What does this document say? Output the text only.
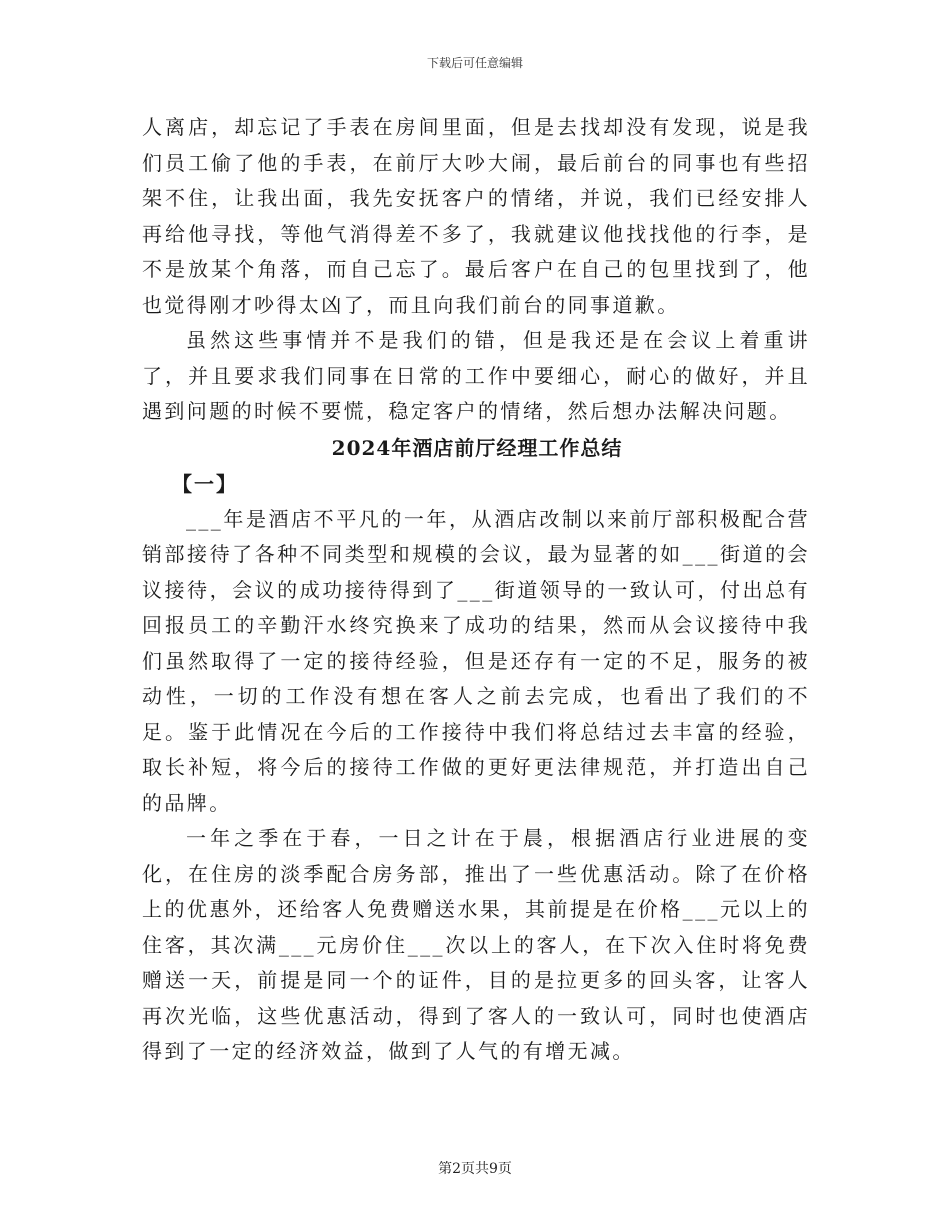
下载后可任意编辑

人离店，却忘记了手表在房间里面，但是去找却没有发现，说是我们员工偷了他的手表，在前厅大吵大闹，最后前台的同事也有些招架不住，让我出面，我先安抚客户的情绪，并说，我们已经安排人再给他寻找，等他气消得差不多了，我就建议他找找他的行李，是不是放某个角落，而自己忘了。最后客户在自己的包里找到了，他也觉得刚才吵得太凶了，而且向我们前台的同事道歉。

虽然这些事情并不是我们的错，但是我还是在会议上着重讲了，并且要求我们同事在日常的工作中要细心，耐心的做好，并且遇到问题的时候不要慌，稳定客户的情绪，然后想办法解决问题。

2024年酒店前厅经理工作总结

【一】

___年是酒店不平凡的一年，从酒店改制以来前厅部积极配合营销部接待了各种不同类型和规模的会议，最为显著的如___街道的会议接待，会议的成功接待得到了___街道领导的一致认可，付出总有回报员工的辛勤汗水终究换来了成功的结果，然而从会议接待中我们虽然取得了一定的接待经验，但是还存有一定的不足，服务的被动性，一切的工作没有想在客人之前去完成，也看出了我们的不足。鉴于此情况在今后的工作接待中我们将总结过去丰富的经验，取长补短，将今后的接待工作做的更好更法律规范，并打造出自己的品牌。

一年之季在于春，一日之计在于晨，根据酒店行业进展的变化，在住房的淡季配合房务部，推出了一些优惠活动。除了在价格上的优惠外，还给客人免费赠送水果，其前提是在价格___元以上的住客，其次满___元房价住___次以上的客人，在下次入住时将免费赠送一天，前提是同一个的证件，目的是拉更多的回头客，让客人再次光临，这些优惠活动，得到了客人的一致认可，同时也使酒店得到了一定的经济效益，做到了人气的有增无减。

第2页共9页
